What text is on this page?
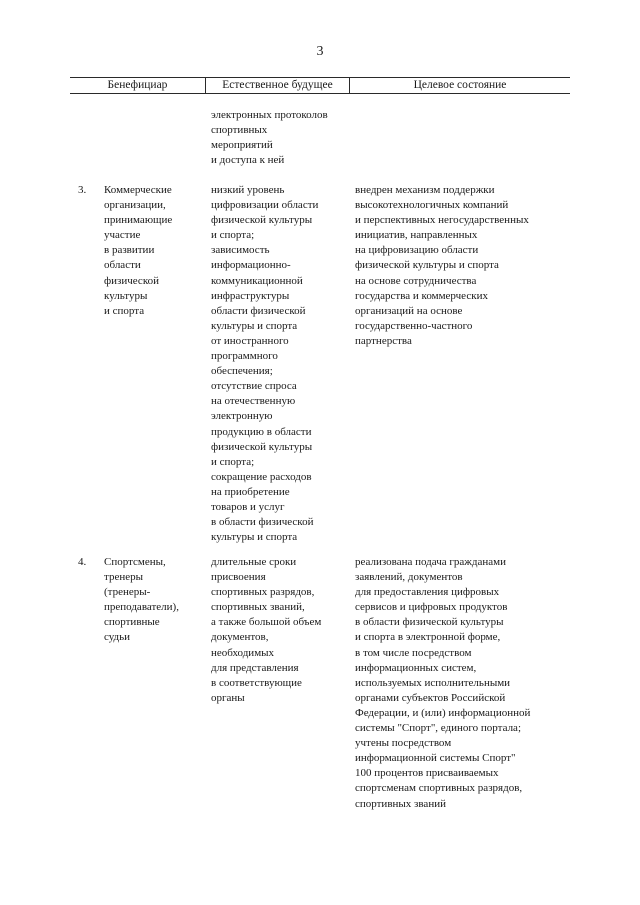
3
Бенефициар	Естественное будущее	Целевое состояние
электронных протоколов
спортивных
мероприятий
и доступа к ней
3. Коммерческие
организации,
принимающие
участие
в развитии
области
физической
культуры
и спорта
низкий уровень
цифровизации области
физической культуры
и спорта;
зависимость
информационно-
коммуникационной
инфраструктуры
области физической
культуры и спорта
от иностранного
программного
обеспечения;
отсутствие спроса
на отечественную
электронную
продукцию в области
физической культуры
и спорта;
сокращение расходов
на приобретение
товаров и услуг
в области физической
культуры и спорта
внедрен механизм поддержки
высокотехнологичных компаний
и перспективных негосударственных
инициатив, направленных
на цифровизацию области
физической культуры и спорта
на основе сотрудничества
государства и коммерческих
организаций на основе
государственно-частного
партнерства
4. Спортсмены,
тренеры
(тренеры-
преподаватели),
спортивные
судьи
длительные сроки
присвоения
спортивных разрядов,
спортивных званий,
а также большой объем
документов,
необходимых
для представления
в соответствующие
органы
реализована подача гражданами
заявлений, документов
для предоставления цифровых
сервисов и цифровых продуктов
в области физической культуры
и спорта в электронной форме,
в том числе посредством
информационных систем,
используемых исполнительными
органами субъектов Российской
Федерации, и (или) информационной
системы "Спорт", единого портала;
учтены посредством
информационной системы Спорт"
100 процентов присваиваемых
спортсменам спортивных разрядов,
спортивных званий
